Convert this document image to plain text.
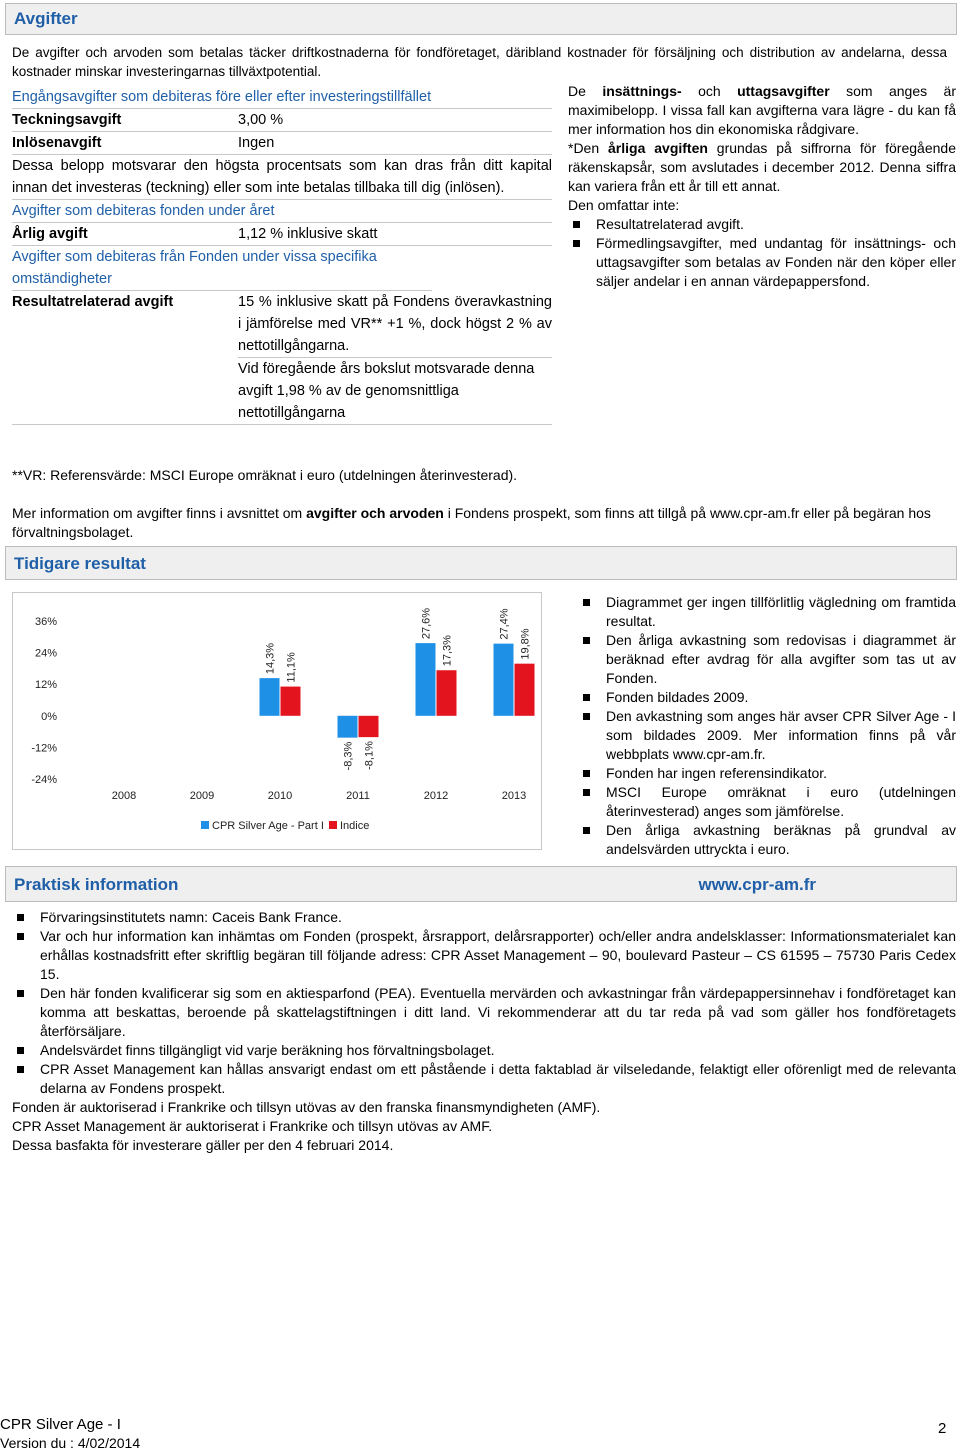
Avgifter
De avgifter och arvoden som betalas täcker driftkostnaderna för fondföretaget, däribland kostnader för försäljning och distribution av andelarna, dessa kostnader minskar investeringarnas tillväxtpotential.
Engångsavgifter som debiteras före eller efter investeringstillfället
Teckningsavgift	3,00 %
Inlösenavgift	Ingen
Dessa belopp motsvarar den högsta procentsats som kan dras från ditt kapital innan det investeras (teckning) eller som inte betalas tillbaka till dig (inlösen).
Avgifter som debiteras fonden under året
Årlig avgift	1,12 % inklusive skatt
Avgifter som debiteras från Fonden under vissa specifika omständigheter
Resultatrelaterad avgift	15 % inklusive skatt på Fondens överavkastning i jämförelse med VR** +1 %, dock högst 2 % av nettotillgångarna.
Vid föregående års bokslut motsvarade denna avgift 1,98 % av de genomsnittliga nettotillgångarna
**VR: Referensvärde: MSCI Europe omräknat i euro (utdelningen återinvesterad).
Mer information om avgifter finns i avsnittet om avgifter och arvoden i Fondens prospekt, som finns att tillgå på www.cpr-am.fr eller på begäran hos förvaltningsbolaget.
De insättnings- och uttagsavgifter som anges är maximibelopp. I vissa fall kan avgifterna vara lägre - du kan få mer information hos din ekonomiska rådgivare.
*Den årliga avgiften grundas på siffrorna för föregående räkenskapsår, som avslutades i december 2012. Denna siffra kan variera från ett år till ett annat.
Den omfattar inte:
Resultatrelaterad avgift.
Förmedlingsavgifter, med undantag för insättnings- och uttagsavgifter som betalas av Fonden när den köper eller säljer andelar i en annan värdepappersfond.
Tidigare resultat
36%
24%
12%
0%
-12%
-24%
2008	2009	2010	2011	2012	2013
14,3%
-8,3%
27,6%	27,4%
11,1%
-8,1%
17,3%	19,8%
CPR Silver Age - Part I Indice
Diagrammet ger ingen tillförlitlig vägledning om framtida resultat.
Den årliga avkastning som redovisas i diagrammet är beräknad efter avdrag för alla avgifter som tas ut av Fonden.
Fonden bildades 2009.
Den avkastning som anges här avser CPR Silver Age - I som bildades 2009. Mer information finns på vår webbplats www.cpr-am.fr.
Fonden har ingen referensindikator.
MSCI Europe omräknat i euro (utdelningen återinvesterad) anges som jämförelse.
Den årliga avkastning beräknas på grundval av andelsvärden uttryckta i euro.
Praktisk information	www.cpr-am.fr
Förvaringsinstitutets namn: Caceis Bank France.
Var och hur information kan inhämtas om Fonden (prospekt, årsrapport, delårsrapporter) och/eller andra andelsklasser: Informationsmaterialet kan erhållas kostnadsfritt efter skriftlig begäran till följande adress: CPR Asset Management – 90, boulevard Pasteur – CS 61595 – 75730 Paris Cedex 15.
Den här fonden kvalificerar sig som en aktiesparfond (PEA). Eventuella mervärden och avkastningar från värdepappersinnehav i fondföretaget kan komma att beskattas, beroende på skattelagstiftningen i ditt land. Vi rekommenderar att du tar reda på vad som gäller hos fondföretagets återförsäljare.
Andelsvärdet finns tillgängligt vid varje beräkning hos förvaltningsbolaget.
CPR Asset Management kan hållas ansvarigt endast om ett påstående i detta faktablad är vilseledande, felaktigt eller oförenligt med de relevanta delarna av Fondens prospekt.
Fonden är auktoriserad i Frankrike och tillsyn utövas av den franska finansmyndigheten (AMF).
CPR Asset Management är auktoriserat i Frankrike och tillsyn utövas av AMF.
Dessa basfakta för investerare gäller per den 4 februari 2014.
CPR Silver Age - I
Version du : 4/02/2014
2
